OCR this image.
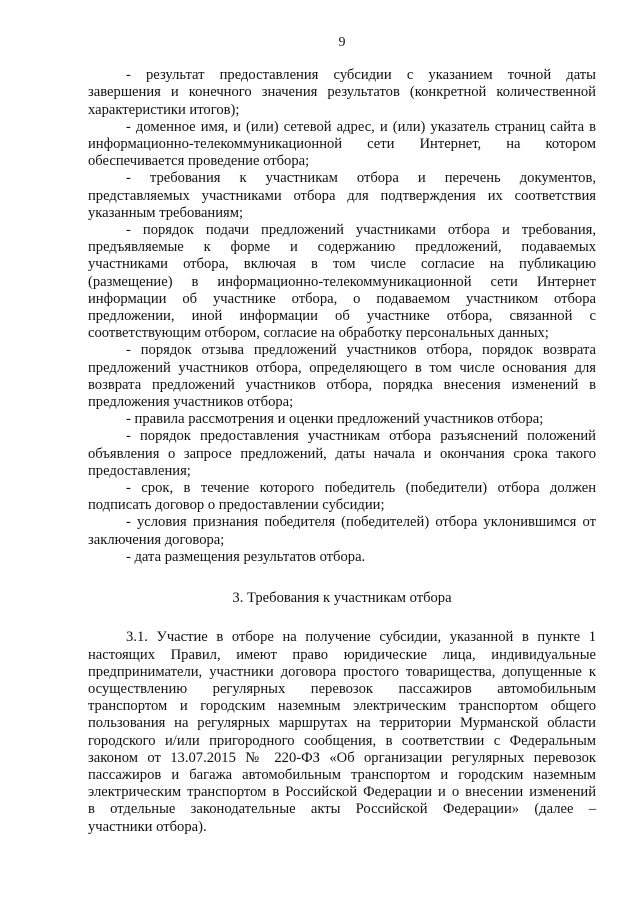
9

- результат предоставления субсидии с указанием точной даты

завершения и конечного значения результатов (конкретной количественной

характеристики итогов);

- доменное имя, и (или) сетевой адрес, и (или) указатель страниц сайта в

информационно-телекоммуникационной сети Интернет, на котором

обеспечивается проведение отбора;

- требования к участникам отбора и перечень документов,

представляемых участниками отбора для подтверждения их соответствия

указанным требованиям;

- порядок подачи предложений участниками отбора и требования,

предъявляемые к форме и содержанию предложений, подаваемых

участниками отбора, включая в том числе согласие на публикацию

(размещение) в информационно-телекоммуникационной сети Интернет

информации об участнике отбора, о подаваемом участником отбора

предложении, иной информации об участнике отбора, связанной с

соответствующим отбором, согласие на обработку персональных данных;

- порядок отзыва предложений участников отбора, порядок возврата

предложений участников отбора, определяющего в том числе основания для

возврата предложений участников отбора, порядка внесения изменений в

предложения участников отбора;

- правила рассмотрения и оценки предложений участников отбора;

- порядок предоставления участникам отбора разъяснений положений

объявления о запросе предложений, даты начала и окончания срока такого

предоставления;

- срок, в течение которого победитель (победители) отбора должен

подписать договор о предоставлении субсидии;

- условия признания победителя (победителей) отбора уклонившимся от

заключения договора;

- дата размещения результатов отбора.

3. Требования к участникам отбора

3.1. Участие в отборе на получение субсидии, указанной в пункте 1

настоящих Правил, имеют право юридические лица, индивидуальные

предприниматели, участники договора простого товарищества, допущенные к

осуществлению регулярных перевозок пассажиров автомобильным

транспортом и городским наземным электрическим транспортом общего

пользования на регулярных маршрутах на территории Мурманской области

городского и/или пригородного сообщения, в соответствии с Федеральным

законом от 13.07.2015 № 220-ФЗ «Об организации регулярных перевозок

пассажиров и багажа автомобильным транспортом и городским наземным

электрическим транспортом в Российской Федерации и о внесении изменений

в отдельные законодательные акты Российской Федерации» (далее –

участники отбора).
